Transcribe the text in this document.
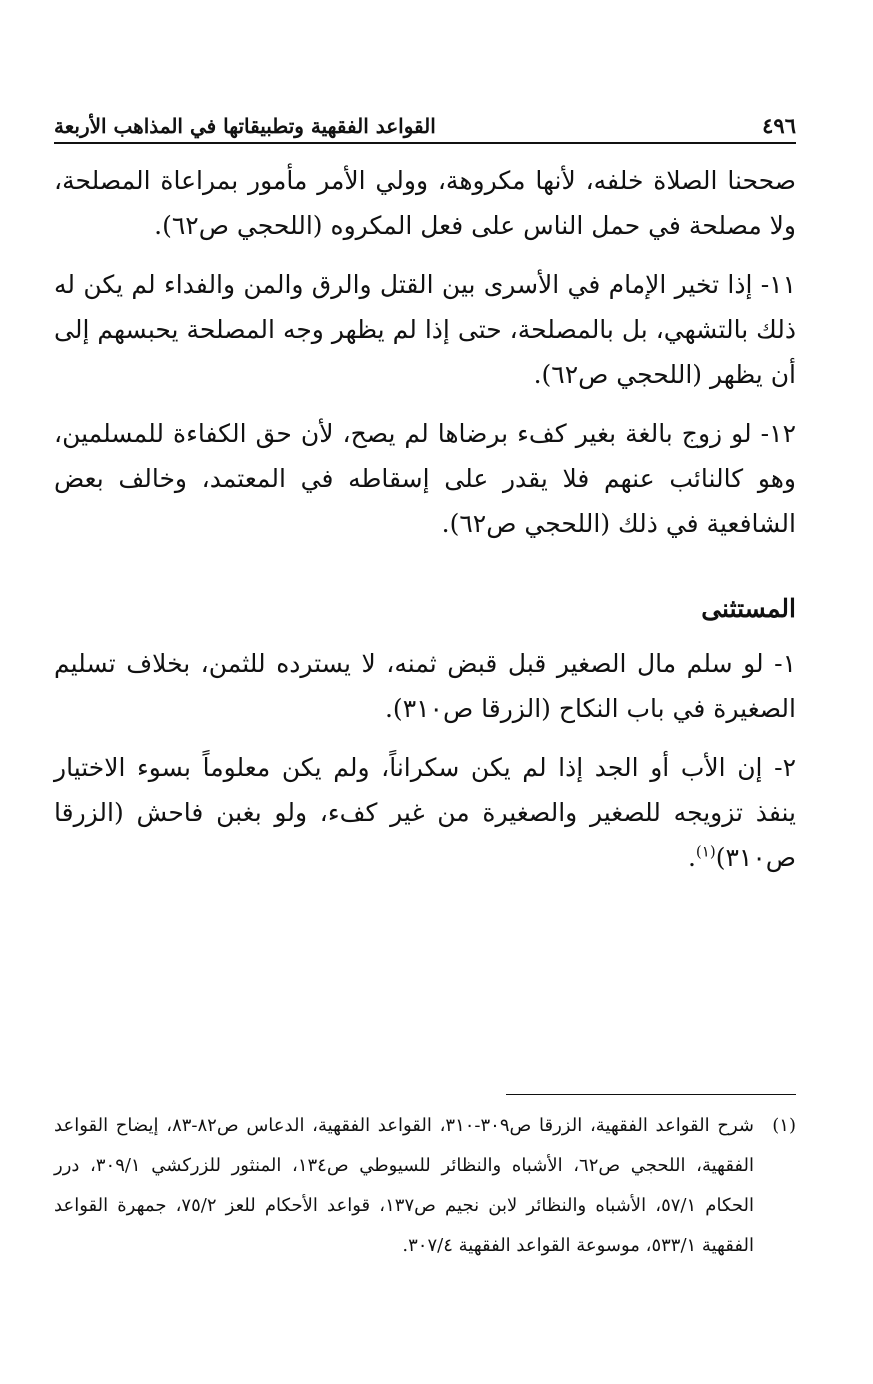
٤٩٦
القواعد الفقهية وتطبيقاتها في المذاهب الأربعة

صححنا الصلاة خلفه، لأنها مكروهة، وولي الأمر مأمور بمراعاة المصلحة، ولا مصلحة في حمل الناس على فعل المكروه (اللحجي ص٦٢).

١١- إذا تخير الإمام في الأسرى بين القتل والرق والمن والفداء لم يكن له ذلك بالتشهي، بل بالمصلحة، حتى إذا لم يظهر وجه المصلحة يحبسهم إلى أن يظهر (اللحجي ص٦٢).

١٢- لو زوج بالغة بغير كفء برضاها لم يصح، لأن حق الكفاءة للمسلمين، وهو كالنائب عنهم فلا يقدر على إسقاطه في المعتمد، وخالف بعض الشافعية في ذلك (اللحجي ص٦٢).

المستثنى

١- لو سلم مال الصغير قبل قبض ثمنه، لا يسترده للثمن، بخلاف تسليم الصغيرة في باب النكاح (الزرقا ص٣١٠).

٢- إن الأب أو الجد إذا لم يكن سكراناً، ولم يكن معلوماً بسوء الاختيار ينفذ تزويجه للصغير والصغيرة من غير كفء، ولو بغبن فاحش (الزرقا ص٣١٠)$^{(١)}$.

(١)
شرح القواعد الفقهية، الزرقا ص٣٠٩-٣١٠، القواعد الفقهية، الدعاس ص٨٢-٨٣، إيضاح القواعد الفقهية، اللحجي ص٦٢، الأشباه والنظائر للسيوطي ص١٣٤، المنثور للزركشي ٣٠٩/١، درر الحكام ٥٧/١، الأشباه والنظائر لابن نجيم ص١٣٧، قواعد الأحكام للعز ٧٥/٢، جمهرة القواعد الفقهية ٥٣٣/١، موسوعة القواعد الفقهية ٣٠٧/٤.
